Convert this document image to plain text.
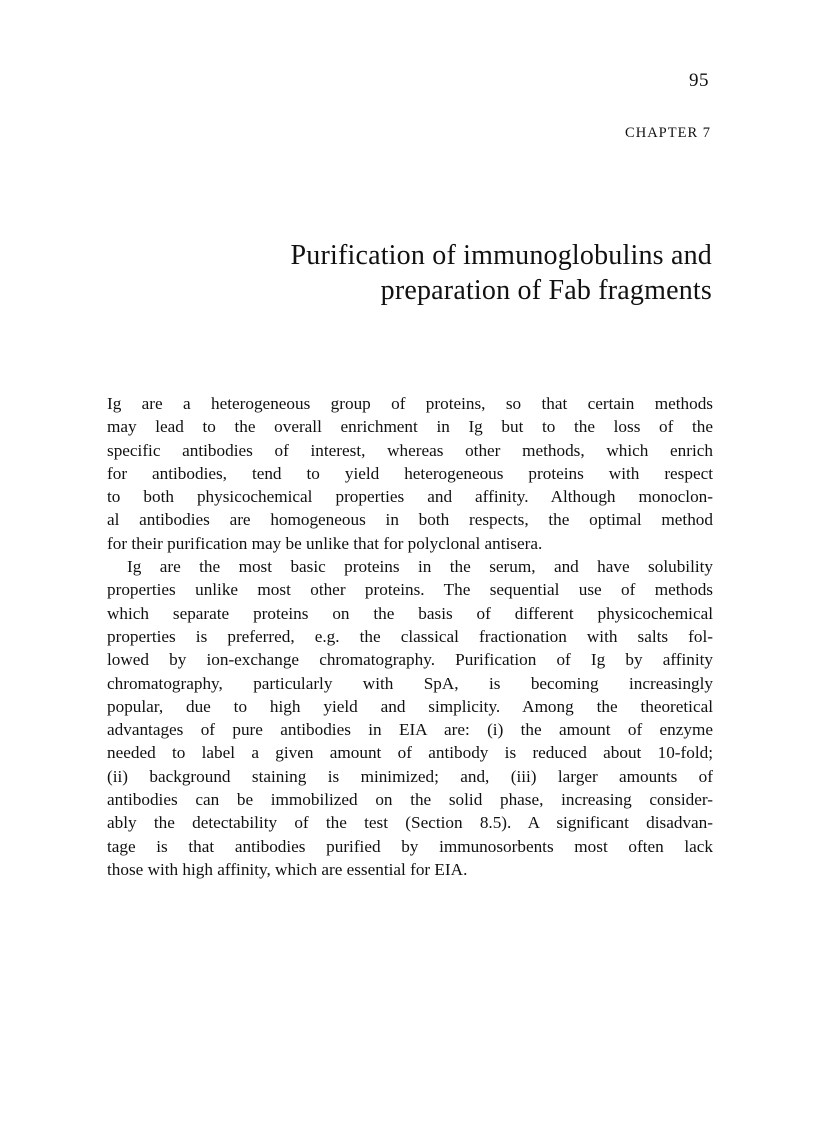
95
CHAPTER 7
Purification of immunoglobulins and
preparation of Fab fragments
Ig are a heterogeneous group of proteins, so that certain methods
may lead to the overall enrichment in Ig but to the loss of the
specific antibodies of interest, whereas other methods, which enrich
for antibodies, tend to yield heterogeneous proteins with respect
to both physicochemical properties and affinity. Although monoclon-
al antibodies are homogeneous in both respects, the optimal method
for their purification may be unlike that for polyclonal antisera.
Ig are the most basic proteins in the serum, and have solubility
properties unlike most other proteins. The sequential use of methods
which separate proteins on the basis of different physicochemical
properties is preferred, e.g. the classical fractionation with salts fol-
lowed by ion-exchange chromatography. Purification of Ig by affinity
chromatography, particularly with SpA, is becoming increasingly
popular, due to high yield and simplicity. Among the theoretical
advantages of pure antibodies in EIA are: (i) the amount of enzyme
needed to label a given amount of antibody is reduced about 10-fold;
(ii) background staining is minimized; and, (iii) larger amounts of
antibodies can be immobilized on the solid phase, increasing consider-
ably the detectability of the test (Section 8.5). A significant disadvan-
tage is that antibodies purified by immunosorbents most often lack
those with high affinity, which are essential for EIA.
